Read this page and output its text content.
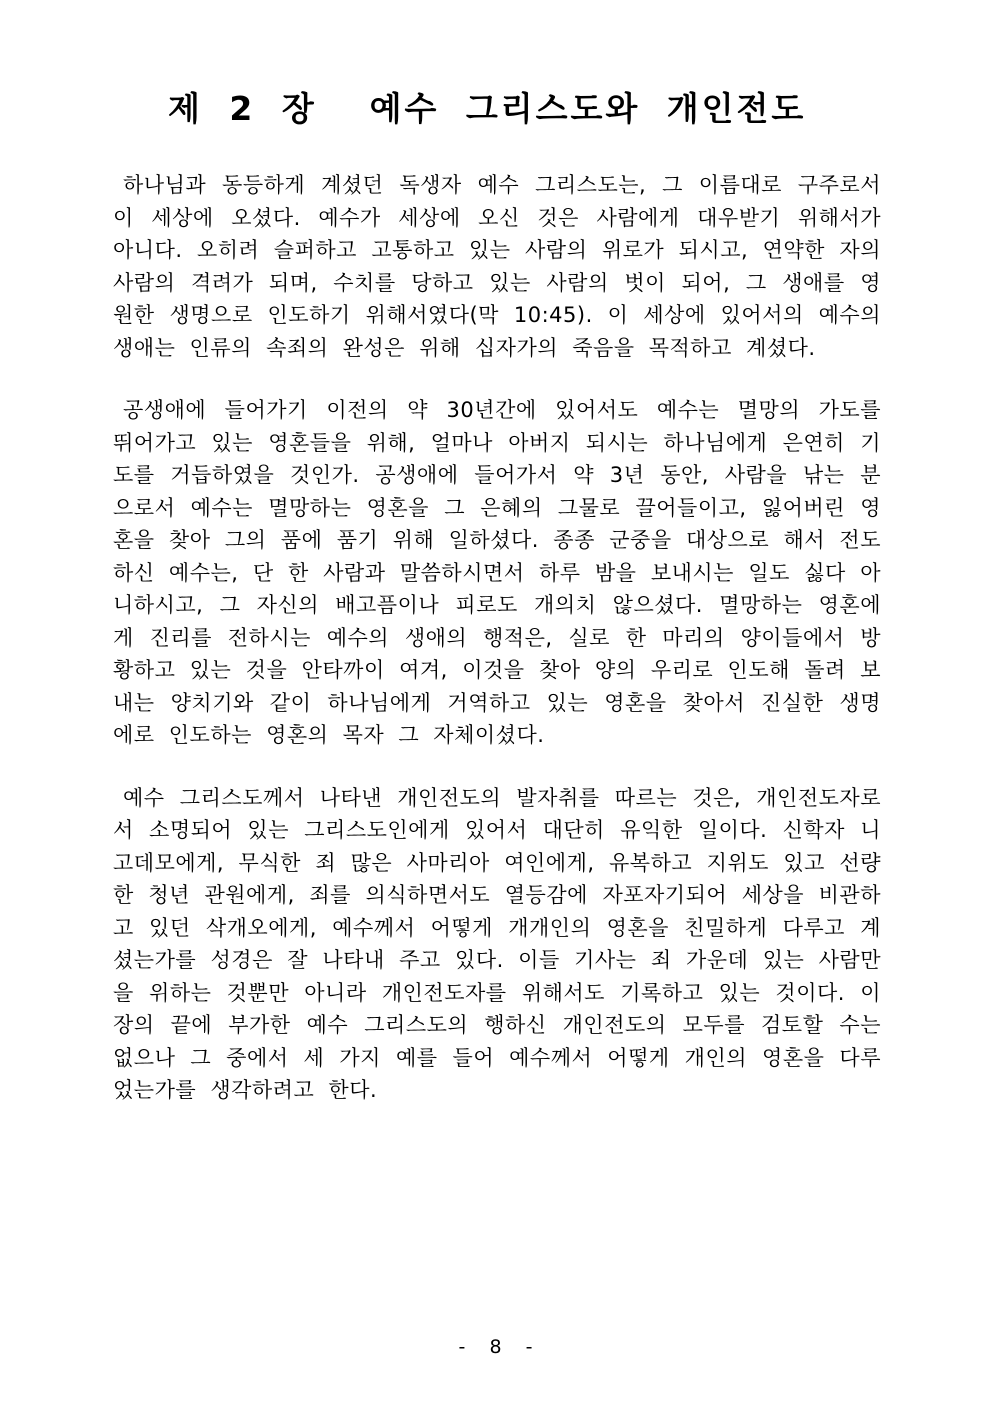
제 2 장  예수 그리스도와 개인전도

하나님과 동등하게 계셨던 독생자 예수 그리스도는, 그 이름대로 구주로서 이 세상에 오셨다. 예수가 세상에 오신 것은 사람에게 대우받기 위해서가 아니다. 오히려 슬퍼하고 고통하고 있는 사람의 위로가 되시고, 연약한 자의 사람의 격려가 되며, 수치를 당하고 있는 사람의 벗이 되어, 그 생애를 영원한 생명으로 인도하기 위해서였다(막 10:45). 이 세상에 있어서의 예수의 생애는 인류의 속죄의 완성은 위해 십자가의 죽음을 목적하고 계셨다.

공생애에 들어가기 이전의 약 30년간에 있어서도 예수는 멸망의 가도를 뛰어가고 있는 영혼들을 위해, 얼마나 아버지 되시는 하나님에게 은연히 기도를 거듭하였을 것인가. 공생애에 들어가서 약 3년 동안, 사람을 낚는 분으로서 예수는 멸망하는 영혼을 그 은혜의 그물로 끌어들이고, 잃어버린 영혼을 찾아 그의 품에 품기 위해 일하셨다. 종종 군중을 대상으로 해서 전도하신 예수는, 단 한 사람과 말씀하시면서 하루 밤을 보내시는 일도 싫다 아니하시고, 그 자신의 배고픔이나 피로도 개의치 않으셨다. 멸망하는 영혼에게 진리를 전하시는 예수의 생애의 행적은, 실로 한 마리의 양이들에서 방황하고 있는 것을 안타까이 여겨, 이것을 찾아 양의 우리로 인도해 돌려 보내는 양치기와 같이 하나님에게 거역하고 있는 영혼을 찾아서 진실한 생명에로 인도하는 영혼의 목자 그 자체이셨다.

예수 그리스도께서 나타낸 개인전도의 발자취를 따르는 것은, 개인전도자로서 소명되어 있는 그리스도인에게 있어서 대단히 유익한 일이다. 신학자 니고데모에게, 무식한 죄 많은 사마리아 여인에게, 유복하고 지위도 있고 선량한 청년 관원에게, 죄를 의식하면서도 열등감에 자포자기되어 세상을 비관하고 있던 삭개오에게, 예수께서 어떻게 개개인의 영혼을 친밀하게 다루고 계셨는가를 성경은 잘 나타내 주고 있다. 이들 기사는 죄 가운데 있는 사람만을 위하는 것뿐만 아니라 개인전도자를 위해서도 기록하고 있는 것이다. 이장의 끝에 부가한 예수 그리스도의 행하신 개인전도의 모두를 검토할 수는 없으나 그 중에서 세 가지 예를 들어 예수께서 어떻게 개인의 영혼을 다루었는가를 생각하려고 한다.

- 8 -
